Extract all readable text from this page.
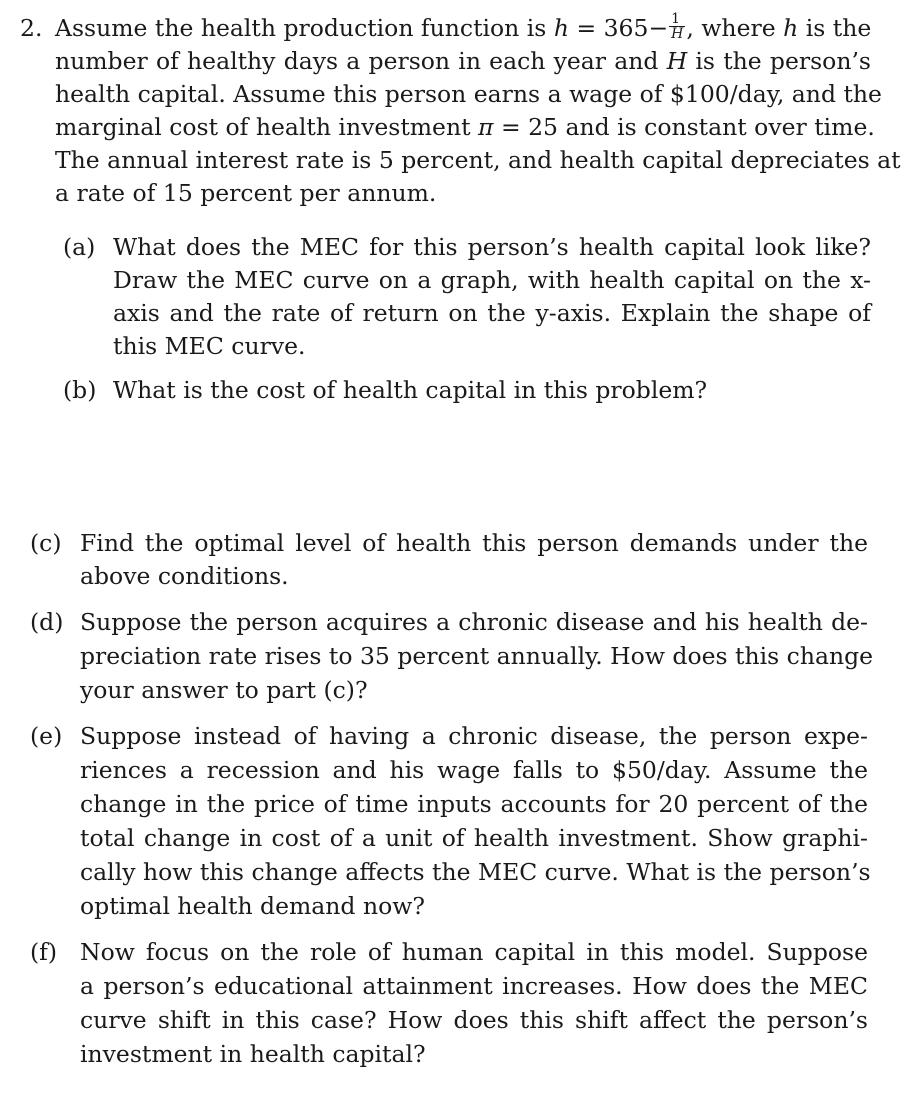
2. Assume the health production function is $h = 365- \frac{1}{H}$ , where h is the
number of healthy days a person in each year and H is the person’s
health capital. Assume this person earns a wage of $100/day, and the
marginal cost of health investment π = 25 and is constant over time.
The annual interest rate is 5 percent, and health capital depreciates at
a rate of 15 percent per annum.
(a) What does the MEC for this person’s health capital look like?
Draw the MEC curve on a graph, with health capital on the x-
axis and the rate of return on the y-axis. Explain the shape of
this MEC curve.
(b) What is the cost of health capital in this problem?
(c) Find the optimal level of health this person demands under the
above conditions.
(d) Suppose the person acquires a chronic disease and his health de-
preciation rate rises to 35 percent annually. How does this change
your answer to part (c)?
(e) Suppose instead of having a chronic disease, the person expe-
riences a recession and his wage falls to $50/day. Assume the
change in the price of time inputs accounts for 20 percent of the
total change in cost of a unit of health investment. Show graphi-
cally how this change affects the MEC curve. What is the person’s
optimal health demand now?
(f) Now focus on the role of human capital in this model. Suppose
a person’s educational attainment increases. How does the MEC
curve shift in this case? How does this shift affect the person’s
investment in health capital?
